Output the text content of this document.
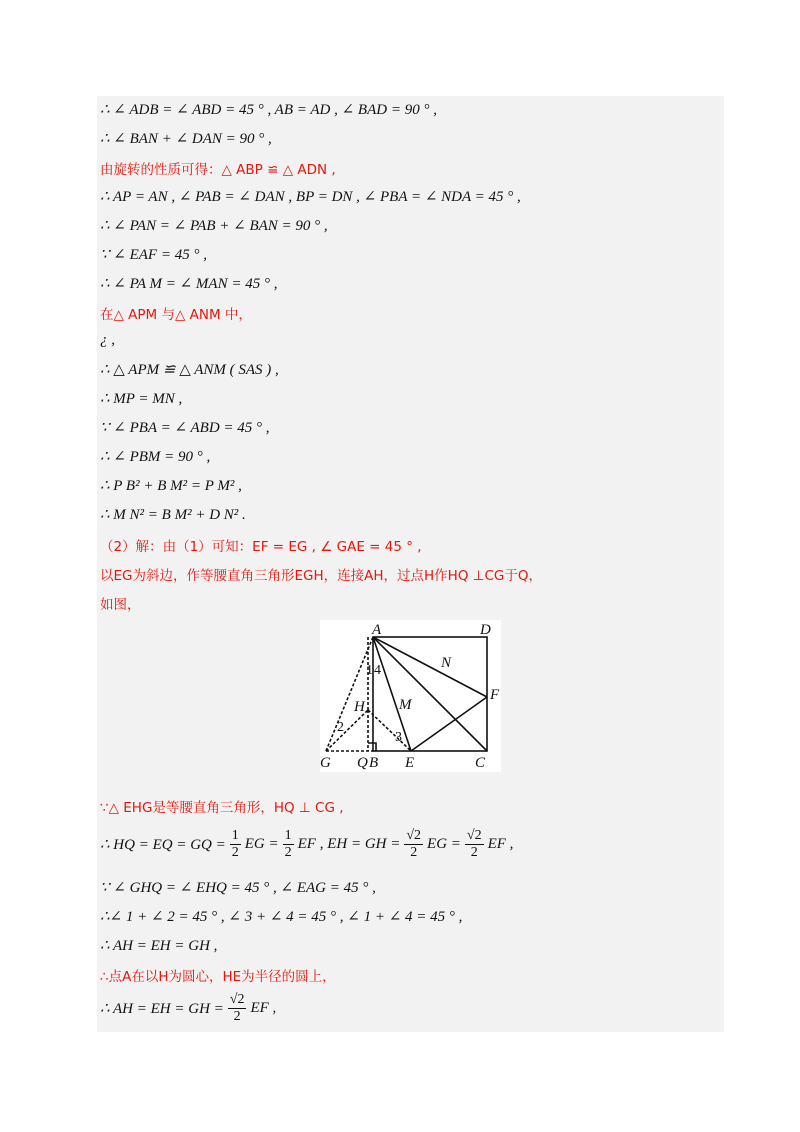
∴ ∠ ADB = ∠ ABD = 45 ° , AB = AD , ∠ BAD = 90 ° ,
∴ ∠ BAN + ∠ DAN = 90 ° ,
由旋转的性质可得：△ ABP ≌ △ ADN ,
∴ AP = AN , ∠ PAB = ∠ DAN , BP = DN , ∠ PBA = ∠ NDA = 45 ° ,
∴ ∠ PAN = ∠ PAB + ∠ BAN = 90 ° ,
∵ ∠ EAF = 45 ° ,
∴ ∠ PA M = ∠ MAN = 45 ° ,
在△ APM 与△ ANM 中，
¿ ,
∴ △ APM ≌ △ ANM ( SAS ) ,
∴ MP = MN ,
∵ ∠ PBA = ∠ ABD = 45 ° ,
∴ ∠ PBM = 90 ° ,
∴ P B² + B M² = P M² ,
∴ M N² = B M² + D N² .
（2）解：由（1）可知：EF = EG , ∠ GAE = 45 ° ,
以EG为斜边，作等腰直角三角形EGH，连接AH，过点H作HQ ⊥CG于Q，
如图，
A	D
N
F
M
H
G Q B E	C
1 4
2
3
∵△ EHG是等腰直角三角形，HQ ⊥ CG ,
∴ HQ = EQ = GQ = $\frac{1}{2}$ EG = $\frac{1}{2}$ EF , EH = GH = $\frac{√2}{2}$ EG = $\frac{√2}{2}$ EF ,
∵ ∠ GHQ = ∠ EHQ = 45 ° , ∠ EAG = 45 ° ,
∴∠ 1 + ∠ 2 = 45 ° , ∠ 3 + ∠ 4 = 45 ° , ∠ 1 + ∠ 4 = 45 ° ,
∴ AH = EH = GH ,
∴点A在以H为圆心，HE为半径的圆上，
∴ AH = EH = GH = $\frac{√2}{2}$ EF ,
